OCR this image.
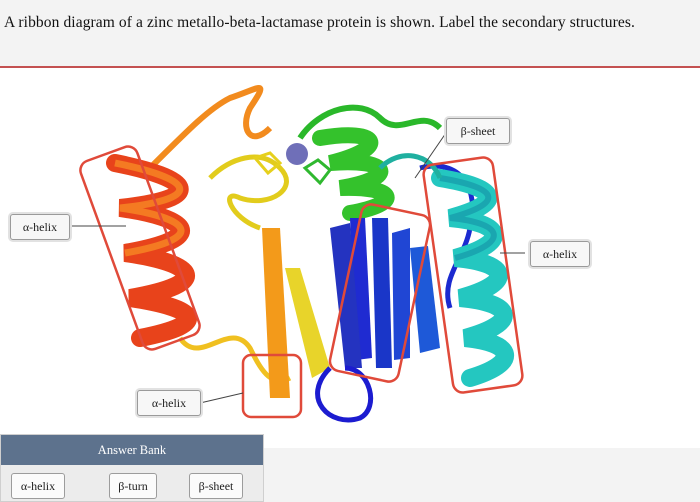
A ribbon diagram of a zinc metallo-beta-lactamase protein is shown. Label the secondary structures.
α-helix
α-helix
β-sheet
α-helix
Answer Bank
α-helix	β-turn	β-sheet
